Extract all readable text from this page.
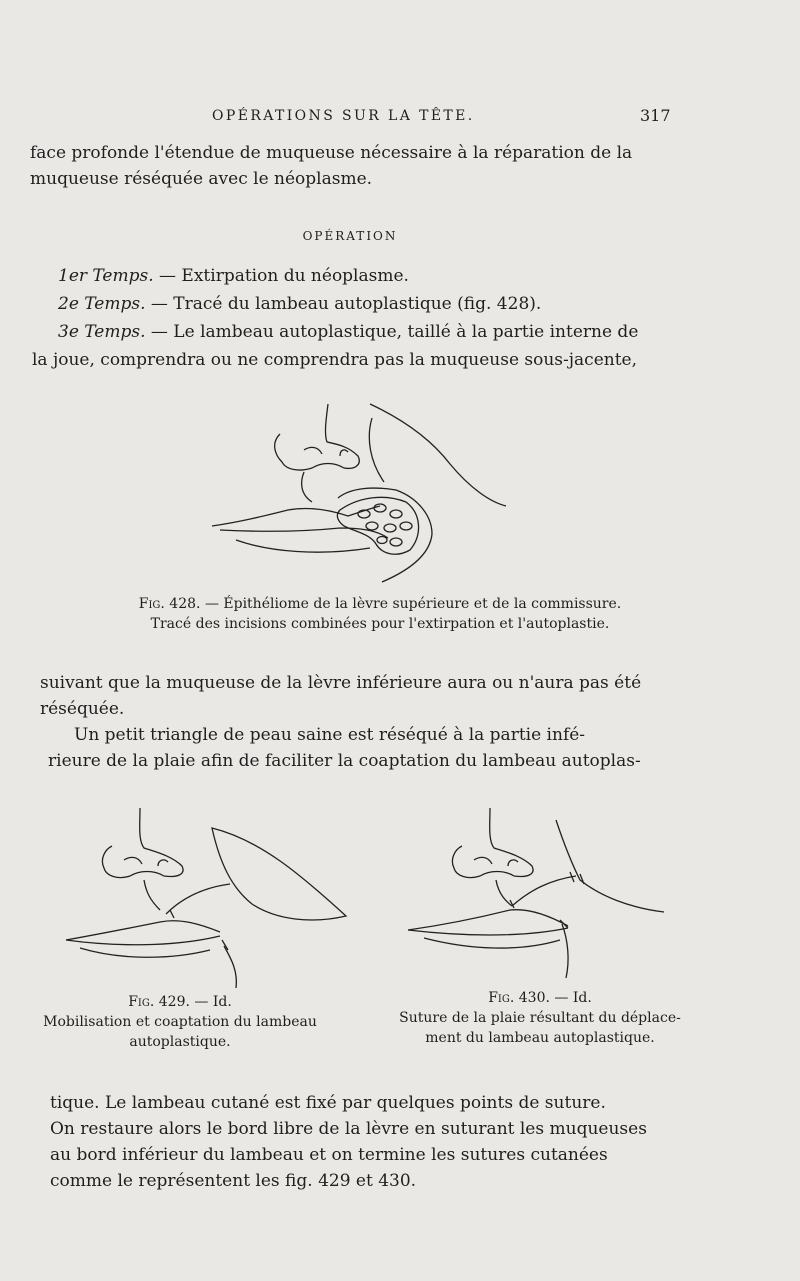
OPÉRATIONS SUR LA TÊTE.	317

face profonde l'étendue de muqueuse nécessaire à la réparation de la
muqueuse réséquée avec le néoplasme.

OPÉRATION
1er Temps. — Extirpation du néoplasme.
2e Temps. — Tracé du lambeau autoplastique (fig. 428).
3e Temps. — Le lambeau autoplastique, taillé à la partie interne de
la joue, comprendra ou ne comprendra pas la muqueuse sous-jacente,
Fig. 428. — Épithéliome de la lèvre supérieure et de la commissure.
Tracé des incisions combinées pour l'extirpation et l'autoplastie.

suivant que la muqueuse de la lèvre inférieure aura ou n'aura pas été
réséquée.

Un petit triangle de peau saine est réséqué à la partie infé-
rieure de la plaie afin de faciliter la coaptation du lambeau autoplas-

Fig. 429. — Id.
Mobilisation et coaptation du lambeau
autoplastique.
Fig. 430. — Id.
Suture de la plaie résultant du déplace-
ment du lambeau autoplastique.

tique. Le lambeau cutané est fixé par quelques points de suture.
On restaure alors le bord libre de la lèvre en suturant les muqueuses
au bord inférieur du lambeau et on termine les sutures cutanées
comme le représentent les fig. 429 et 430.
